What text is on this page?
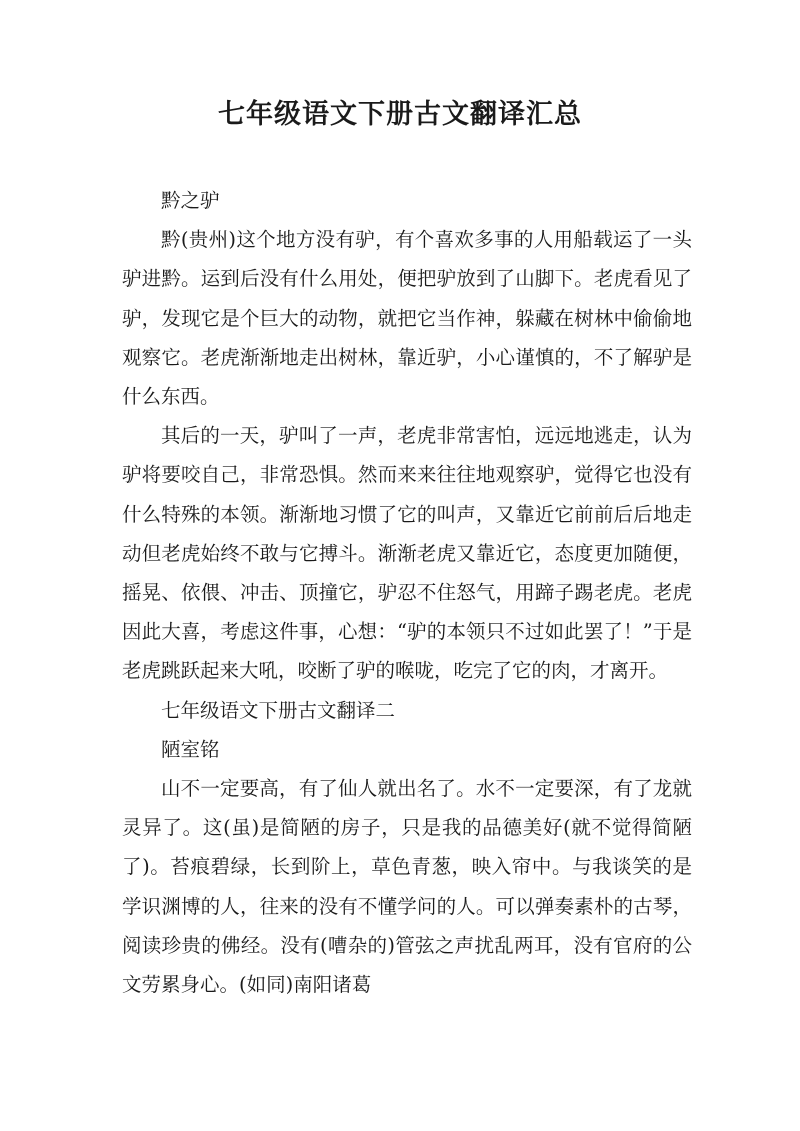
七年级语文下册古文翻译汇总

黔之驴

黔(贵州)这个地方没有驴，有个喜欢多事的人用船载运了一头驴进黔。运到后没有什么用处，便把驴放到了山脚下。老虎看见了驴，发现它是个巨大的动物，就把它当作神，躲藏在树林中偷偷地观察它。老虎渐渐地走出树林，靠近驴，小心谨慎的，不了解驴是什么东西。

其后的一天，驴叫了一声，老虎非常害怕，远远地逃走，认为驴将要咬自己，非常恐惧。然而来来往往地观察驴，觉得它也没有什么特殊的本领。渐渐地习惯了它的叫声，又靠近它前前后后地走动但老虎始终不敢与它搏斗。渐渐老虎又靠近它，态度更加随便，摇晃、依偎、冲击、顶撞它，驴忍不住怒气，用蹄子踢老虎。老虎因此大喜，考虑这件事，心想：“驴的本领只不过如此罢了！”于是老虎跳跃起来大吼，咬断了驴的喉咙，吃完了它的肉，才离开。

七年级语文下册古文翻译二

陋室铭

山不一定要高，有了仙人就出名了。水不一定要深，有了龙就灵异了。这(虽)是简陋的房子，只是我的品德美好(就不觉得简陋了)。苔痕碧绿，长到阶上，草色青葱，映入帘中。与我谈笑的是学识渊博的人，往来的没有不懂学问的人。可以弹奏素朴的古琴，阅读珍贵的佛经。没有(嘈杂的)管弦之声扰乱两耳，没有官府的公文劳累身心。(如同)南阳诸葛
